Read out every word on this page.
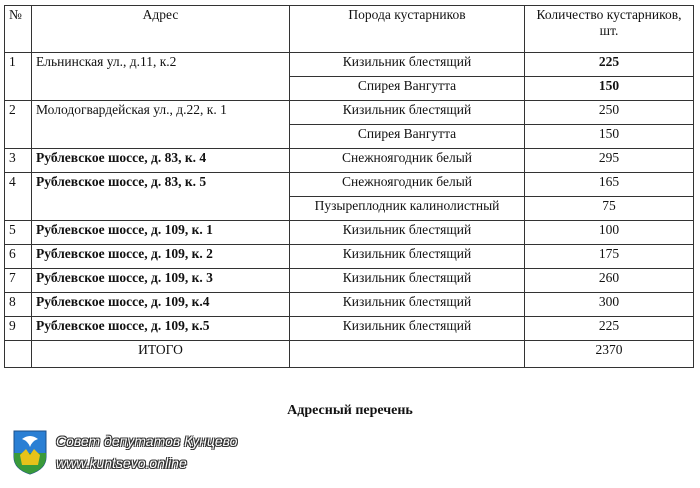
№	Адрес	Порода кустарников	Количество кустарников, шт.
1	Ельнинская ул., д.11, к.2	Кизильник блестящий	225
		Спирея Вангутта	150
2	Молодогвардейская ул., д.22, к. 1	Кизильник блестящий	250
		Спирея Вангутта	150
3	Рублевское шоссе, д. 83, к. 4	Снежноягодник белый	295
4	Рублевское шоссе, д. 83, к. 5	Снежноягодник белый	165
		Пузыреплодник калинолистный	75
5	Рублевское шоссе, д. 109, к. 1	Кизильник блестящий	100
6	Рублевское шоссе, д. 109, к. 2	Кизильник блестящий	175
7	Рублевское шоссе, д. 109, к. 3	Кизильник блестящий	260
8	Рублевское шоссе, д. 109, к.4	Кизильник блестящий	300
9	Рублевское шоссе, д. 109, к.5	Кизильник блестящий	225
	ИТОГО		2370
Адресный перечень
Совет депутатов Кунцево
www.kuntsevo.online
